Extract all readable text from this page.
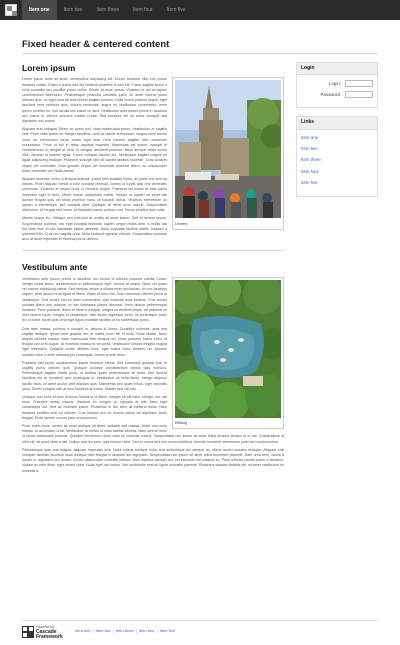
Item one	Item two	Item three	Item four	Item five
Fixed header & centered content
Lorem ipsum
Leuven

Lorem ipsum dolor sit amet, consectetur adipiscing elit. Donec tincidunt nibh nec ipsum tincidunt mattis. Etiam a lectus sed dui eleifend pharetra ut sed elit. Fusce sagittis lorem a nulla convallis nec porttitor purus mollis. Donec at risus metus. Vivamus et dui at sapien condimentum bibendum. Pellentesque pharetra convallis justo, sit amet viverra purus ultricies quis. Ut eget urna sit amet lorem sagittis pretium. Nulla luctus pretium neque, eget faucibus eros vehicula quis. Mauris venenatis, augue eu vestibulum consectetur, enim ipsum porttitor mi, non iaculis nisi ipsum ut risus. Vestibulum ante ipsum primis in faucibus orci luctus et ultrices posuere cubilia Curae; Sed tincidunt elit eu tortor volutpat sed dignissim orci auctor.

Aliquam erat volutpat. Etiam ac purus nisi, vitae malesuada purus. Vestibulum et sagittis velit. Proin vitae quam mi. Integer faucibus, urna ac iaculis fermentum, magna enim auctor nulla, ac elementum turpis lorem eget erat. Duis lobortis sagittis nibh commodo consectetur. Proin ut dui in tellus dapibus molestie. Maecenas est ipsum, suscipit id condimentum in, feugiat ut urna. In congue hendrerit posuere. Nunc semper tortor luctus nibh. Aenean ut laoreet ligula. Fusce volutpat lobortis dui. Vestibulum sagittis magna eu ligula adipiscing tristique. Praesent suscipit nibh at sapien facilisis molestie. Cras sodales neque vel venenatis. Duis gravida neque vel venenatis placerat libero, eu ullamcorper tortor venenatis vel. Nulla facilisi.

Aliquam molestie, lorem a tempus suscipit, ipsum felis sodales lorem, ac porta orci sem ac mauris. Proin aliquam metus a nibh volutpat vehicula. Donec ut turpis quis orci venenatis commodo. Vivamus et neque urna, in rhoncus augue. Praesent vel lectus at erat varius imperdiet eget et arcu. Morbi rutrum sollicitudin mattis. Integer ut sapien sit amet nisi laoreet feugiat quis vel tellus pulvinar nunc, ut suscipit lectus. Vivamus elementum ac sapien a elementum, sed volutpat ante. Quisque sit amet urna mauris. Suspendisse bibendum. Ut feugiat sed lorem, at tincidunt mauris pretium non. Fusce at tellus quis nulla.

Mauris neque leo, tristique sed euismod at, mattis sit amet ipsum. Sed et laoreet ipsum. Suspendisse pulvinar, nisi eget volutpat molestie, sapien neque mollis ante, a mollis nisl est vitae erat. In hac habitasse platea dictumst. Nulla vulputate facilisis mattis. Aliquam a pharetra felis. Cras nec sagittis urna. Nulla tincidunt egestas ultrices. Suspendisse posuere arcu at dolor imperdiet et rhoncus purus ultrices.

Vestibulum ante
Efteling

Vestibulum ante ipsum primis in faucibus orci luctus et ultrices posuere cubilia Curae; Integer turpis libero, condimentum in pellentesque eget, viverra at neque. Nunc vel quam vel mauris adipiscing varius. Sed tempus neque a ullamcorper accumsan, mi orci faucibus sapien, vitae auctor urna ligula et libero. Etiam id sem nisi. Duis commodo ultrices purus in vestibulum. Sed ornare nisl eu diam consectetur quis molestie risus facilisis. Cras auctor sodales libero nec pulvinar. In hac habitasse platea dictumst. Proin dictum pellentesque tincidunt. Proin posuere, libero et viverra volutpat, magna mi eleifend turpis, vel placerat mi sem viverra turpis. Integer et vestibulum, nibh lectus dignissim tortor, id scelerisque tortor leo id tortor. Morbi quis urna eget ligula molestie facilisis ut eu scelerisque purus.

Duis ante massa, pulvinar a suscipit in, ultrices id libero. Curabitur molestie, ante sed sagittis tristique, ipsum sem gravida dui, et mattis nunc elit id nulla. Nulla facilisi. Nunc aliquet ultricies massa, vitae malesuada felis tempus vel. Nunc posuere luctus enim, id feugiat orci id et augue. Ut euismod massa mi vel porta. Vestibulum ultrices fringilla magna eget bibendum. Quisque mollis ultricies risus, eget luctus tortor ultricies vel. Aenean sodales dolor a enim ullamcorper consequat. Donec a ante dolor.

Praesent sed turpis condimentum ipsum tincidunt varius. Sed commodo gravida erat, in sagittis purus ultrices quis. Quisque pulvinar condimentum metus quis rhoncus. Pellentesque sagittis mattis justo, ut facilisis quam pellentesque sit amet. Sed laoreet faucibus est, at hendrerit sem consequat ut. Vestibulum ac nulla libero. Integer aliquam iaculis risus, sit amet auctor velit aliquam quis. Maecenas sed quam tellus, eget convallis justo. Donec congue velit at arcu tincidunt at luctus. Nullam sed nisi nisi.

Quisque non nunc et eros rhoncus lacinia in ut libero. Integer sit elit risus. Integer nec nisi risus. Praesent metus mauris, tincidunt eu congue at, egestas et nisl. Nam eget consectetur dui. Sed ac molestie ipsum. Phasellus et dui sem, at eleifend tellus. Nam tincidunt porttitor arcu eu ultrices. Cras tempus orci eu mauris varius vel dignissim tortor feugiat. Proin laoreet cursus justo et accumsan.

Proin lorem risus, ornare sit amet tristique sit amet, sodales sed massa. Morbi non enim massa, et accumsan urna. Vestibulum at metus ut nulla blandit lobortis. Nam viverra enim ut lacus malesuada pulvinar. Quisque fermentum dolor vitae mi vehicula cursus. Suspendisse nec ipsum sit amet tellus tempus tempor ut in nisi. Suspendisse id nibh elit, sit amet viverra nisi. Nullam sed leo sem, quis tempor dolor. Sed et metus sed nisl viverra eleifend. Aenean hendrerit elementum justo sed condimentum.

Pellentesque quis erat magna, aliquam imperdiet velit. Nulla cursus tristique nulla, sed scelerisque dui semper ac. Morbi auctor sodales tristique. Aliquam erat volutpat. Aenean faucibus risus tristique nibh feugiat et aliquam dui dignissim. Suspendisse nec ipsum sit amet tellus imperdiet placerat. Nam urna sem, varius a auctor in, dignissim nec ipsum. Donec ullamcorper molestie ultrices. Duis dapibus semper leo, vel interdum dui volutpat ac. Proin ultricies iaculis ipsum a faucibus. Nullam ac nibh diam, eget ornare dolor. Nulla eget orci lectus. Sed sollicitudin erat eu ligula convallis placerat. Phasellus sodales facilisis elit, sit amet vestibulum mi molestie a.

Login
Login:
Password:
Links
Item one
Item two
Item three
Item four
Item five
Powered by
Cascade Framework
Item one | Item two | Item three | Item four | Item five
